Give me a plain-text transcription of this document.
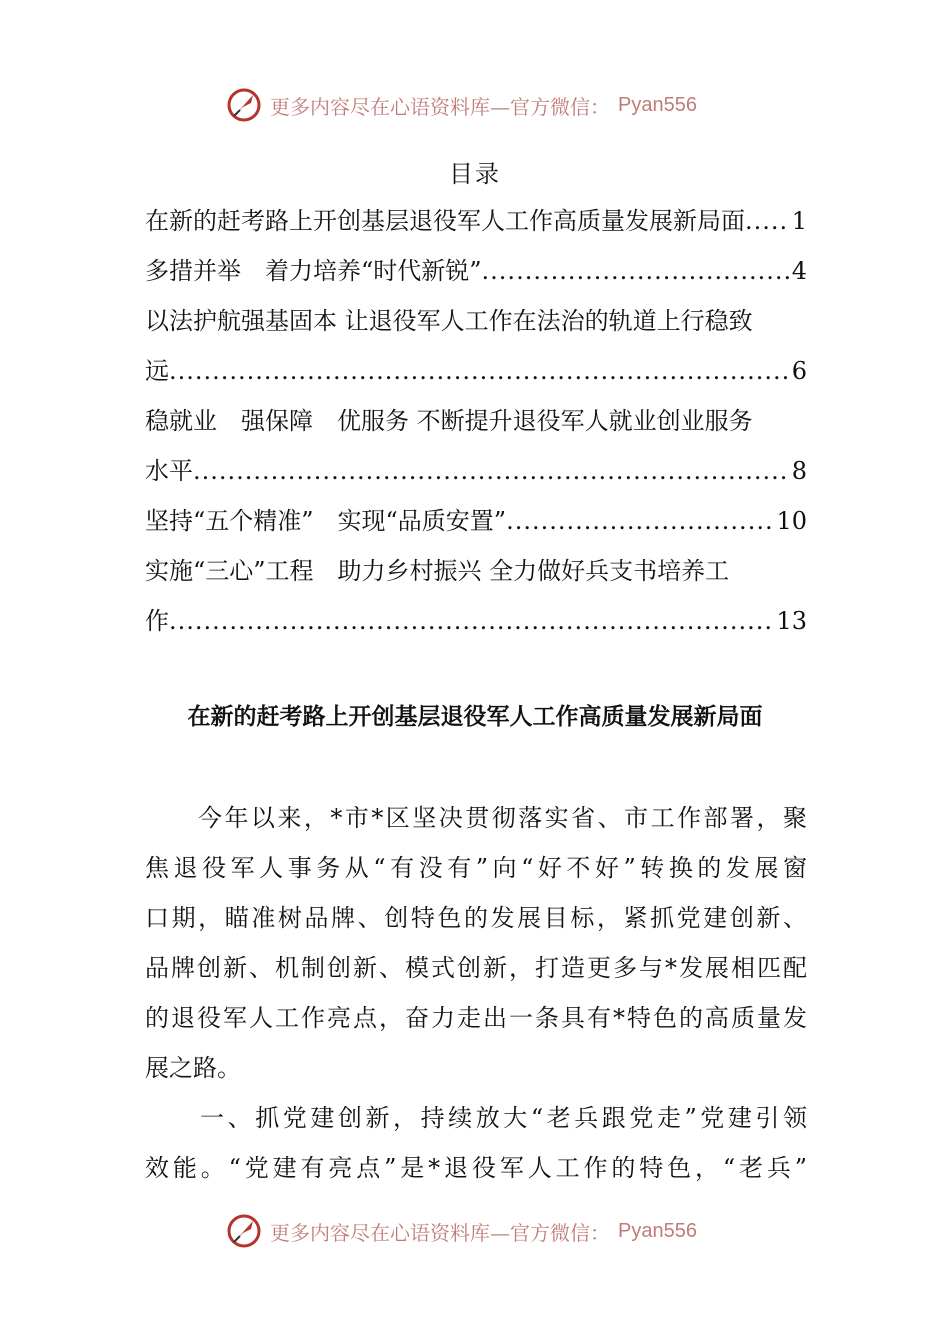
更多内容尽在心语资料库—官方微信： Pyan556
目录
在新的赶考路上开创基层退役军人工作高质量发展新局面 ..... 1
多措并举　着力培养“时代新锐” .....	4
以法护航强基固本 让退役军人工作在法治的轨道上行稳致
远 .....	6
稳就业　强保障　优服务 不断提升退役军人就业创业服务
水平 .....	8
坚持“五个精准”　实现“品质安置” .....	10
实施“三心”工程　助力乡村振兴 全力做好兵支书培养工
作 .....	13
在新的赶考路上开创基层退役军人工作高质量发展新局面
　　今年以来，*市*区坚决贯彻落实省、市工作部署，聚
焦退役军人事务从“有没有”向“好不好”转换的发展窗
口期，瞄准树品牌、创特色的发展目标，紧抓党建创新、
品牌创新、机制创新、模式创新，打造更多与*发展相匹配
的退役军人工作亮点，奋力走出一条具有*特色的高质量发
展之路。
　　一、抓党建创新，持续放大“老兵跟党走”党建引领
效能。“党建有亮点”是*退役军人工作的特色，“老兵”
更多内容尽在心语资料库—官方微信： Pyan556
